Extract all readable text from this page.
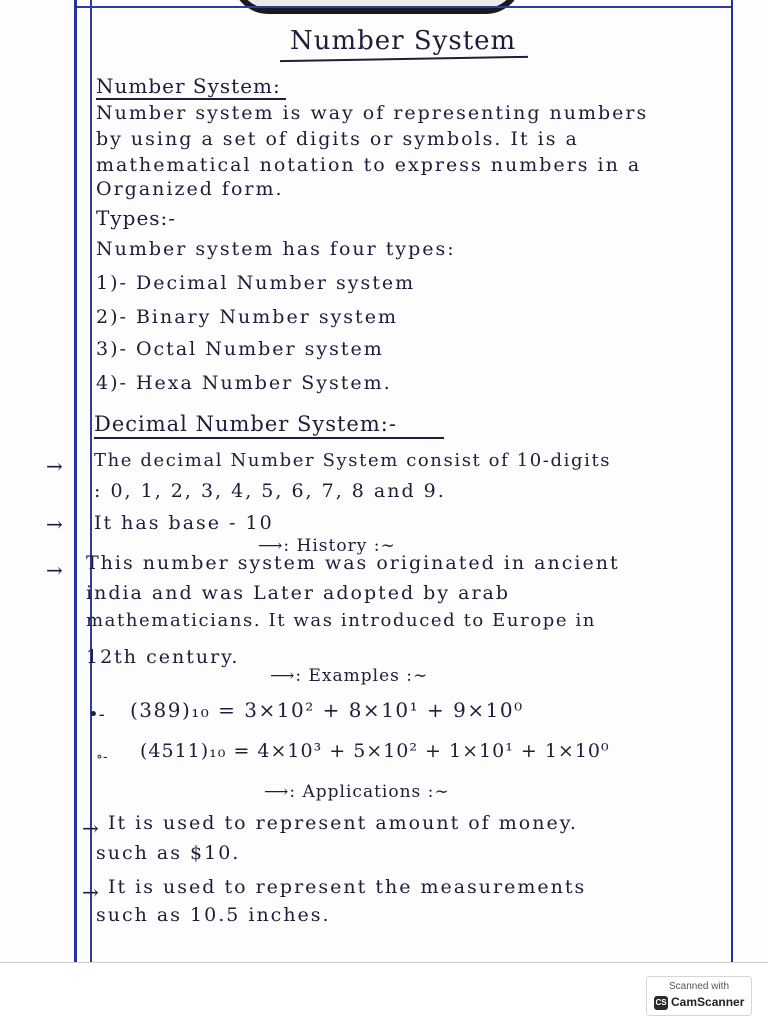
Number System
Number System:
Number system is way of representing numbers
by using a set of digits or symbols. It is a
mathematical notation to express numbers in a
Organized form.
Types:-
Number system has four types:
1)- Decimal Number system
2)- Binary Number system
3)- Octal Number system
4)- Hexa Number System.
Decimal Number System:-
→ The decimal Number System consist of 10-digits
: 0, 1, 2, 3, 4, 5, 6, 7, 8 and 9.
→ It has base - 10
⟶: History :∼
→ This number system was originated in ancient
india and was Later adopted by arab
mathematicians. It was introduced to Europe in
12th century.
⟶: Examples :∼
•- (389)₁₀ = 3×10² + 8×10¹ + 9×10⁰
∘- (4511)₁₀ = 4×10³ + 5×10² + 1×10¹ + 1×10⁰
⟶: Applications :∼
→ It is used to represent amount of money.
such as $10.
→ It is used to represent the measurements
such as 10.5 inches.
Scanned with
CS CamScanner
